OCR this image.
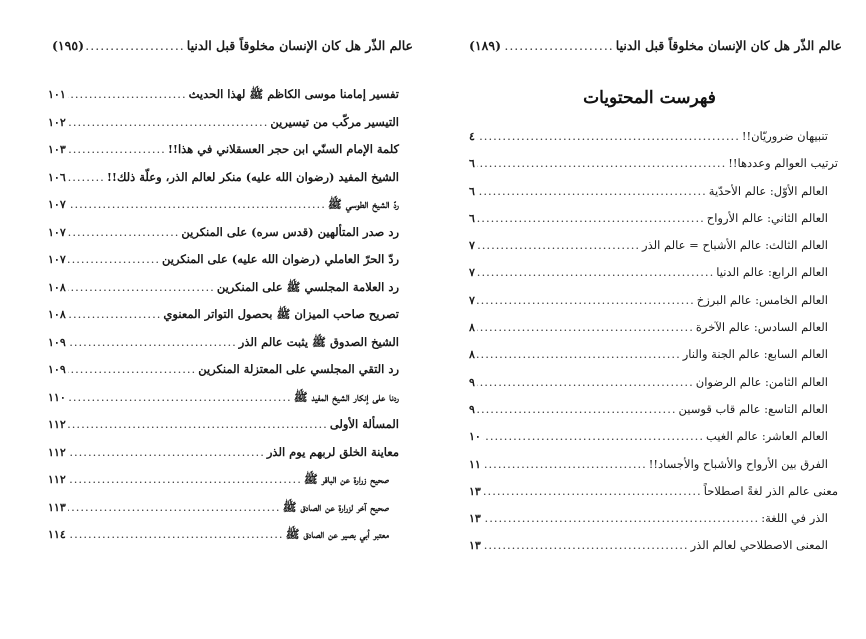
عالم الذّر هل كان الإنسان مخلوقاً قبل الدنيا
.....
(١٩٥)
تفسير إمامنا موسى الكاظم ﷺ لهذا الحديث
.....
١٠١
التيسير مركّب من تيسيرين
.....
١٠٢
كلمة الإمام السنّي ابن حجر العسقلاني في هذا!!
.....
١٠٣
الشيخ المفيد (رضوان الله عليه) منكر لعالم الذر، وعلّة ذلك!!
.....
١٠٦
ردّ الشيخ الطوسي ﷺ
.....
١٠٧
رد صدر المتألهين (قدس سره) على المنكرين
.....
١٠٧
ردّ الحرّ العاملي (رضوان الله عليه) على المنكرين
.....
١٠٧
رد العلامة المجلسي ﷺ على المنكرين
.....
١٠٨
تصريح صاحب الميزان ﷺ بحصول التواتر المعنوي
.....
١٠٨
الشيخ الصدوق ﷺ يثبت عالم الذر
.....
١٠٩
رد التقي المجلسي على المعتزلة المنكرين
.....
١٠٩
ردنا على إنكار الشيخ المفيد ﷺ
.....
١١٠
المسألة الأولى
.....
١١٢
معاينة الخلق لربهم يوم الذر
.....
١١٢
صحيح زرارة عن الباقر ﷺ
.....
١١٢
صحيح آخر لزرارة عن الصادق ﷺ
.....
١١٣
معتبر أبي بصير عن الصادق ﷺ
.....
١١٤
عالم الذّر هل كان الإنسان مخلوقاً قبل الدنيا
.....
(١٨٩)
فهرست المحتويات
تنبيهان ضروريّان!!
.....
٤
ترتيب العوالم وعددها!!
.....
٦
العالم الأوّل: عالم الأحدّية
.....
٦
العالم الثاني: عالم الأرواح
.....
٦
العالم الثالث: عالم الأشباح = عالم الذر
.....
٧
العالم الرابع: عالم الدنيا
.....
٧
العالم الخامس: عالم البرزخ
.....
٧
العالم السادس: عالم الآخرة
.....
٨
العالم السابع: عالم الجنة والنار
.....
٨
العالم الثامن: عالم الرضوان
.....
٩
العالم التاسع: عالم قاب قوسين
.....
٩
العالم العاشر: عالم الغيب
.....
١٠
الفرق بين الأرواح والأشباح والأجساد!!
.....
١١
معنى عالم الذر لغةً اصطلاحاً
.....
١٣
الذر في اللغة:
.....
١٣
المعنى الاصطلاحي لعالم الذر
.....
١٣
